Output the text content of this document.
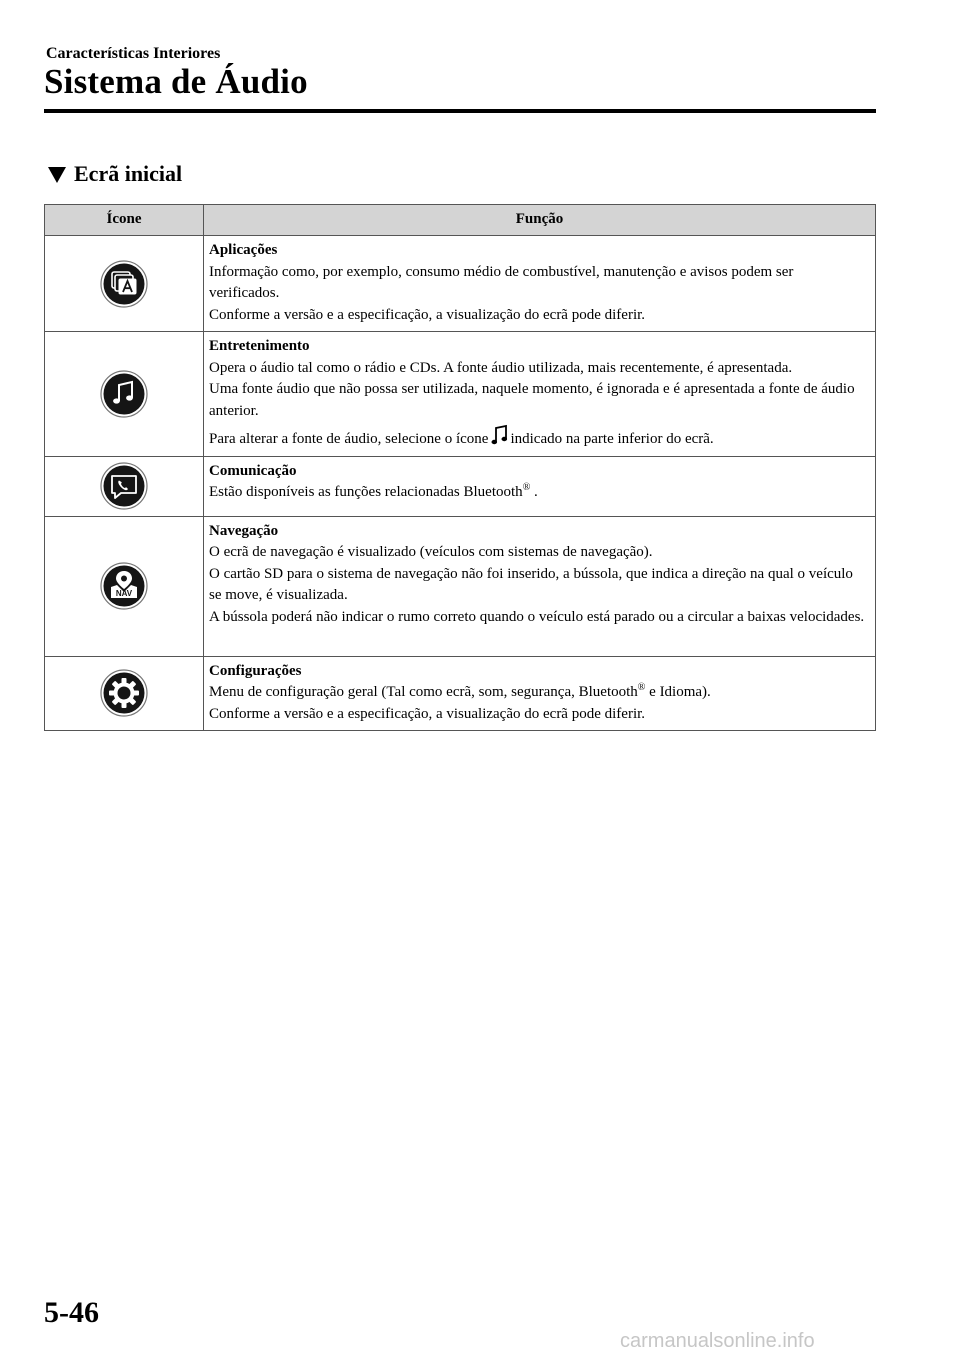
Características Interiores
Sistema de Áudio
Ecrã inicial
Ícone	Função

Aplicações
Informação como, por exemplo, consumo médio de combustível, manutenção e avisos podem ser verificados.
Conforme a versão e a especificação, a visualização do ecrã pode diferir.

Entretenimento
Opera o áudio tal como o rádio e CDs. A fonte áudio utilizada, mais recentemente, é apresentada.
Uma fonte áudio que não possa ser utilizada, naquele momento, é ignorada e é apresentada a fonte de áudio anterior.
Para alterar a fonte de áudio, selecione o ícone indicado na parte inferior do ecrã.

Comunicação
Estão disponíveis as funções relacionadas Bluetooth® .

NAV	Navegação
O ecrã de navegação é visualizado (veículos com sistemas de navegação).
O cartão SD para o sistema de navegação não foi inserido, a bússola, que indica a direção na qual o veículo se move, é visualizada.
A bússola poderá não indicar o rumo correto quando o veículo está parado ou a circular a baixas velocidades.

Configurações
Menu de configuração geral (Tal como ecrã, som, segurança, Bluetooth® e Idioma).
Conforme a versão e a especificação, a visualização do ecrã pode diferir.
5-46
carmanualsonline.info
